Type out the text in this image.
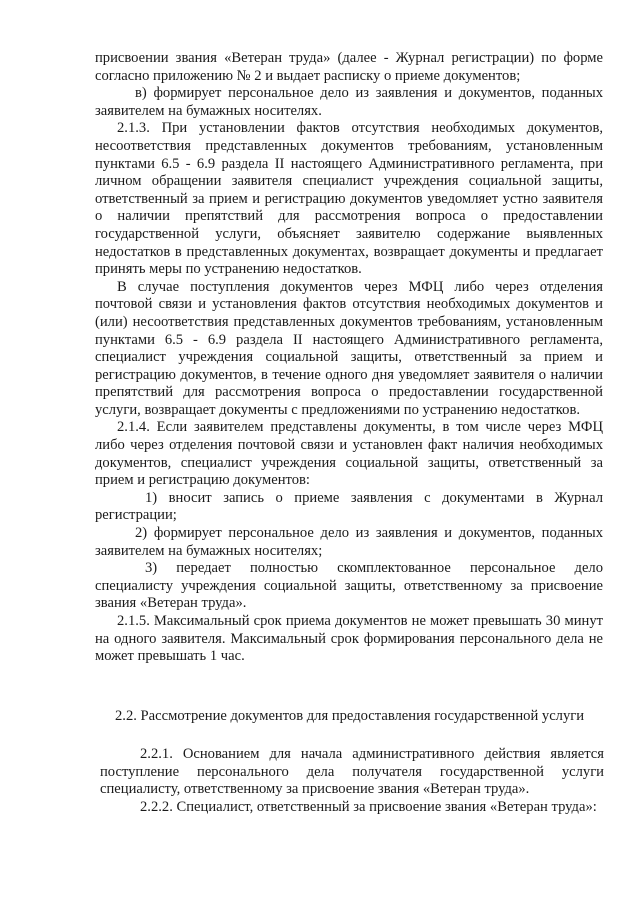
присвоении звания «Ветеран труда» (далее - Журнал регистрации) по форме согласно приложению № 2 и выдает расписку о приеме документов;

в) формирует персональное дело из заявления и документов, поданных заявителем на бумажных носителях.

2.1.3. При установлении фактов отсутствия необходимых документов, несоответствия представленных документов требованиям, установленным пунктами 6.5 - 6.9 раздела II настоящего Административного регламента, при личном обращении заявителя специалист учреждения социальной защиты, ответственный за прием и регистрацию документов уведомляет устно заявителя о наличии препятствий для рассмотрения вопроса о предоставлении государственной услуги, объясняет заявителю содержание выявленных недостатков в представленных документах, возвращает документы и предлагает принять меры по устранению недостатков.

В случае поступления документов через МФЦ либо через отделения почтовой связи и установления фактов отсутствия необходимых документов и (или) несоответствия представленных документов требованиям, установленным пунктами 6.5 - 6.9 раздела II настоящего Административного регламента, специалист учреждения социальной защиты, ответственный за прием и регистрацию документов, в течение одного дня уведомляет заявителя о наличии препятствий для рассмотрения вопроса о предоставлении государственной услуги, возвращает документы с предложениями по устранению недостатков.

2.1.4. Если заявителем представлены документы, в том числе через МФЦ либо через отделения почтовой связи и установлен факт наличия необходимых документов, специалист учреждения социальной защиты, ответственный за прием и регистрацию документов:

1) вносит запись о приеме заявления с документами в Журнал регистрации;

2) формирует персональное дело из заявления и документов, поданных заявителем на бумажных носителях;

3) передает полностью скомплектованное персональное дело специалисту учреждения социальной защиты, ответственному за присвоение звания «Ветеран труда».

2.1.5. Максимальный срок приема документов не может превышать 30 минут на одного заявителя. Максимальный срок формирования персонального дела не может превышать 1 час.

2.2. Рассмотрение документов для предоставления государственной услуги

2.2.1. Основанием для начала административного действия является поступление персонального дела получателя государственной услуги специалисту, ответственному за присвоение звания «Ветеран труда».

2.2.2. Специалист, ответственный за присвоение звания «Ветеран труда»:
